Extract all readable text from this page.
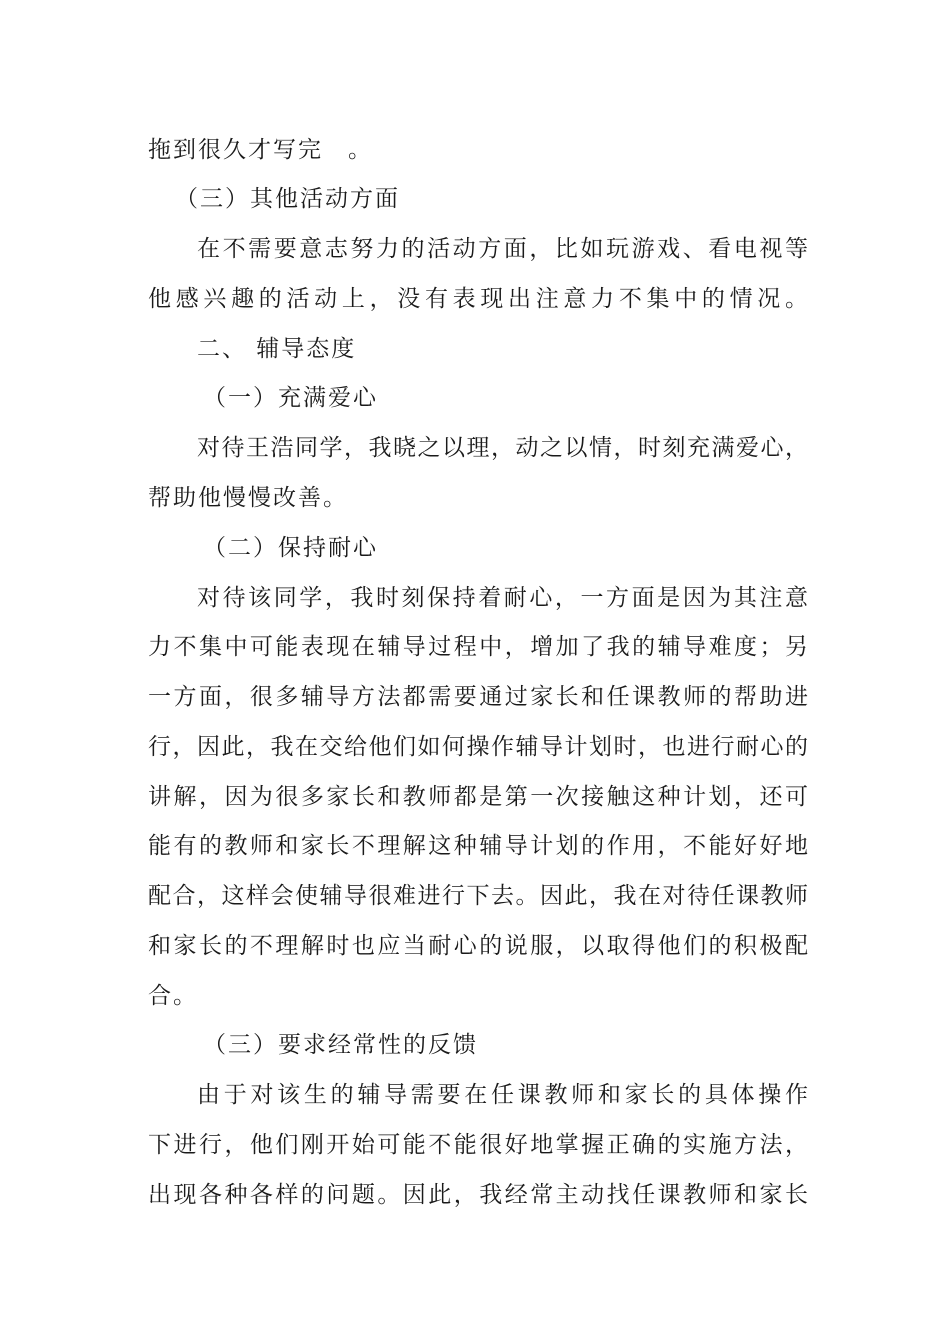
拖到很久才写完　。
（三）其他活动方面
在不需要意志努力的活动方面，比如玩游戏、看电视等
他感兴趣的活动上，没有表现出注意力不集中的情况。
二、 辅导态度
（一）充满爱心
对待王浩同学，我晓之以理，动之以情，时刻充满爱心，
帮助他慢慢改善。
（二）保持耐心
对待该同学，我时刻保持着耐心，一方面是因为其注意
力不集中可能表现在辅导过程中，增加了我的辅导难度；另
一方面，很多辅导方法都需要通过家长和任课教师的帮助进
行，因此，我在交给他们如何操作辅导计划时，也进行耐心的
讲解，因为很多家长和教师都是第一次接触这种计划，还可
能有的教师和家长不理解这种辅导计划的作用，不能好好地
配合，这样会使辅导很难进行下去。因此，我在对待任课教师
和家长的不理解时也应当耐心的说服，以取得他们的积极配
合。
（三）要求经常性的反馈
由于对该生的辅导需要在任课教师和家长的具体操作
下进行，他们刚开始可能不能很好地掌握正确的实施方法，
出现各种各样的问题。因此，我经常主动找任课教师和家长
